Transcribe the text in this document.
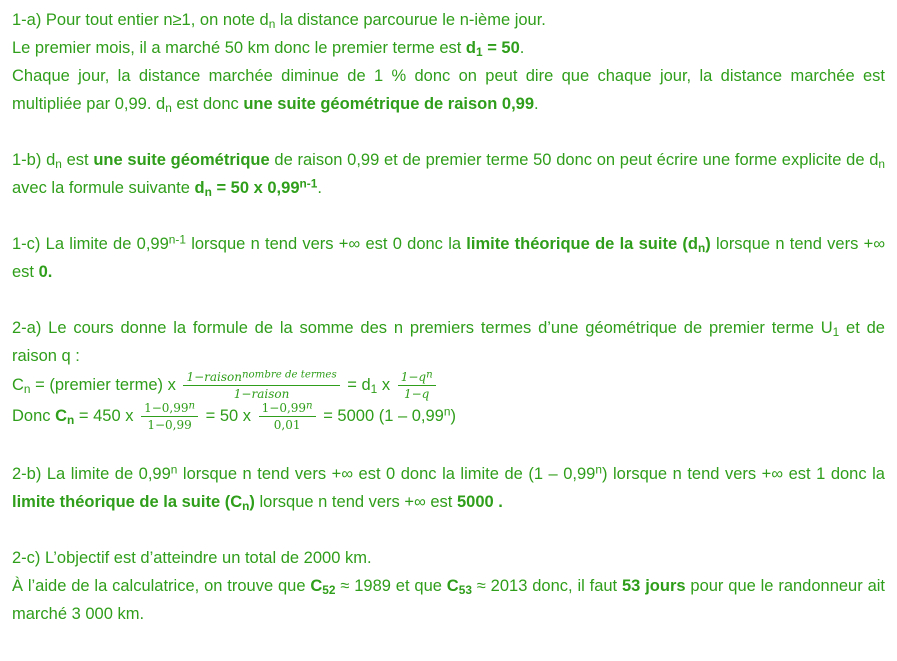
1-a) Pour tout entier n≥1, on note $d_n$ la distance parcourue le n-ième jour.
Le premier mois, il a marché 50 km donc le premier terme est $d_1 = 50$.
Chaque jour, la distance marchée diminue de 1 % donc on peut dire que chaque jour, la distance marchée est multipliée par 0,99. $d_n$ est donc une suite géométrique de raison 0,99.
1-b) $d_n$ est une suite géométrique de raison 0,99 et de premier terme 50 donc on peut écrire une forme explicite de $d_n$ avec la formule suivante $d_n = 50$ x 0,99$^{n-1}$.
1-c) La limite de 0,99$^{n-1}$ lorsque n tend vers +∞ est 0 donc la limite théorique de la suite $(d_n)$ lorsque n tend vers +∞ est 0.
2-a) Le cours donne la formule de la somme des n premiers termes d’une géométrique de premier terme $U_1$ et de raison q :
$C_n$ = (premier terme) x $\frac{1-raison^{nombre de termes}}{\text{1−raison}} = d_1$ x $\frac{1-q^n}{1-q}$
Donc $C_n = 450$ x $\frac{1-0,99^n}{1-0,99} = 50$ x $\frac{1-0,99^n}{0,01} = 5000$ (1 – 0,99$^n$)
2-b) La limite de 0,99$^n$ lorsque n tend vers +∞ est 0 donc la limite de (1 – 0,99$^n$) lorsque n tend vers +∞ est 1 donc la limite théorique de la suite $(C_n)$ lorsque n tend vers +∞ est 5000 .
2-c) L’objectif est d’atteindre un total de 2000 km.
À l’aide de la calculatrice, on trouve que $C_{52} \approx 1989$ et que $C_{53} \approx 2013$ donc, il faut 53 jours pour que le randonneur ait marché 3 000 km.
